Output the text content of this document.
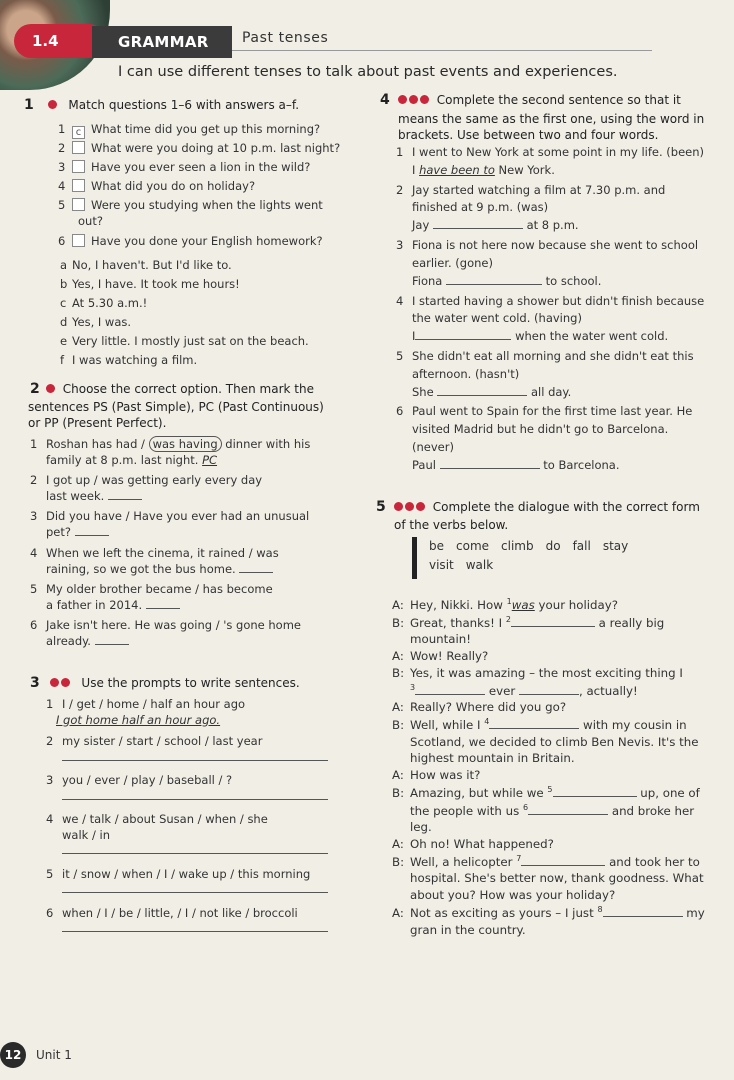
1.4	GRAMMAR	Past tenses
I can use different tenses to talk about past events and experiences.
1	Match questions 1–6 with answers a–f.
1 c What time did you get up this morning?
2 What were you doing at 10 p.m. last night?
3 Have you ever seen a lion in the wild?
4 What did you do on holiday?
5 Were you studying when the lights went
out?
6 Have you done your English homework?
a No, I haven't. But I'd like to.
b Yes, I have. It took me hours!
c At 5.30 a.m.!
d Yes, I was.
e Very little. I mostly just sat on the beach.
f I was watching a film.
2 Choose the correct option. Then mark the
sentences PS (Past Simple), PC (Past Continuous)
or PP (Present Perfect).
1 Roshan has had / was having dinner with his
family at 8 p.m. last night. PC
2 I got up / was getting early every day
last week.
3 Did you have / Have you ever had an unusual
pet?
4 When we left the cinema, it rained / was
raining, so we got the bus home.
5 My older brother became / has become
a father in 2014.
6 Jake isn't here. He was going / 's gone home
already.
3	Use the prompts to write sentences.
1 I / get / home / half an hour ago
I got home half an hour ago.
2 my sister / start / school / last year
3 you / ever / play / baseball / ?
4 we / talk / about Susan / when / she
walk / in
5 it / snow / when / I / wake up / this morning
6 when / I / be / little, / I / not like / broccoli
4	Complete the second sentence so that it
means the same as the first one, using the word in
brackets. Use between two and four words.
1 I went to New York at some point in my life. (been)
I have been to New York.
2 Jay started watching a film at 7.30 p.m. and
finished at 9 p.m. (was)
Jay	at 8 p.m.
3 Fiona is not here now because she went to school
earlier. (gone)
Fiona	to school.
4 I started having a shower but didn't finish because
the water went cold. (having)
I	when the water went cold.
5 She didn't eat all morning and she didn't eat this
afternoon. (hasn't)
She	all day.
6 Paul went to Spain for the first time last year. He
visited Madrid but he didn't go to Barcelona.
(never)
Paul	to Barcelona.
5	Complete the dialogue with the correct form
of the verbs below.
be come climb do fall stay
visit walk
A: Hey, Nikki. How $^1$was your holiday?
B: Great, thanks! I $^2$	a really big
mountain!
A: Wow! Really?
B: Yes, it was amazing – the most exciting thing I
$^3$	ever	, actually!
A: Really? Where did you go?
B: Well, while I $^4$	with my cousin in
Scotland, we decided to climb Ben Nevis. It's the
highest mountain in Britain.
A: How was it?
B: Amazing, but while we $^5$	up, one of
the people with us $^6$	and broke her
leg.
A: Oh no! What happened?
B: Well, a helicopter $^7$	and took her to
hospital. She's better now, thank goodness. What
about you? How was your holiday?
A: Not as exciting as yours – I just $^8$	my
gran in the country.
12	Unit 1
